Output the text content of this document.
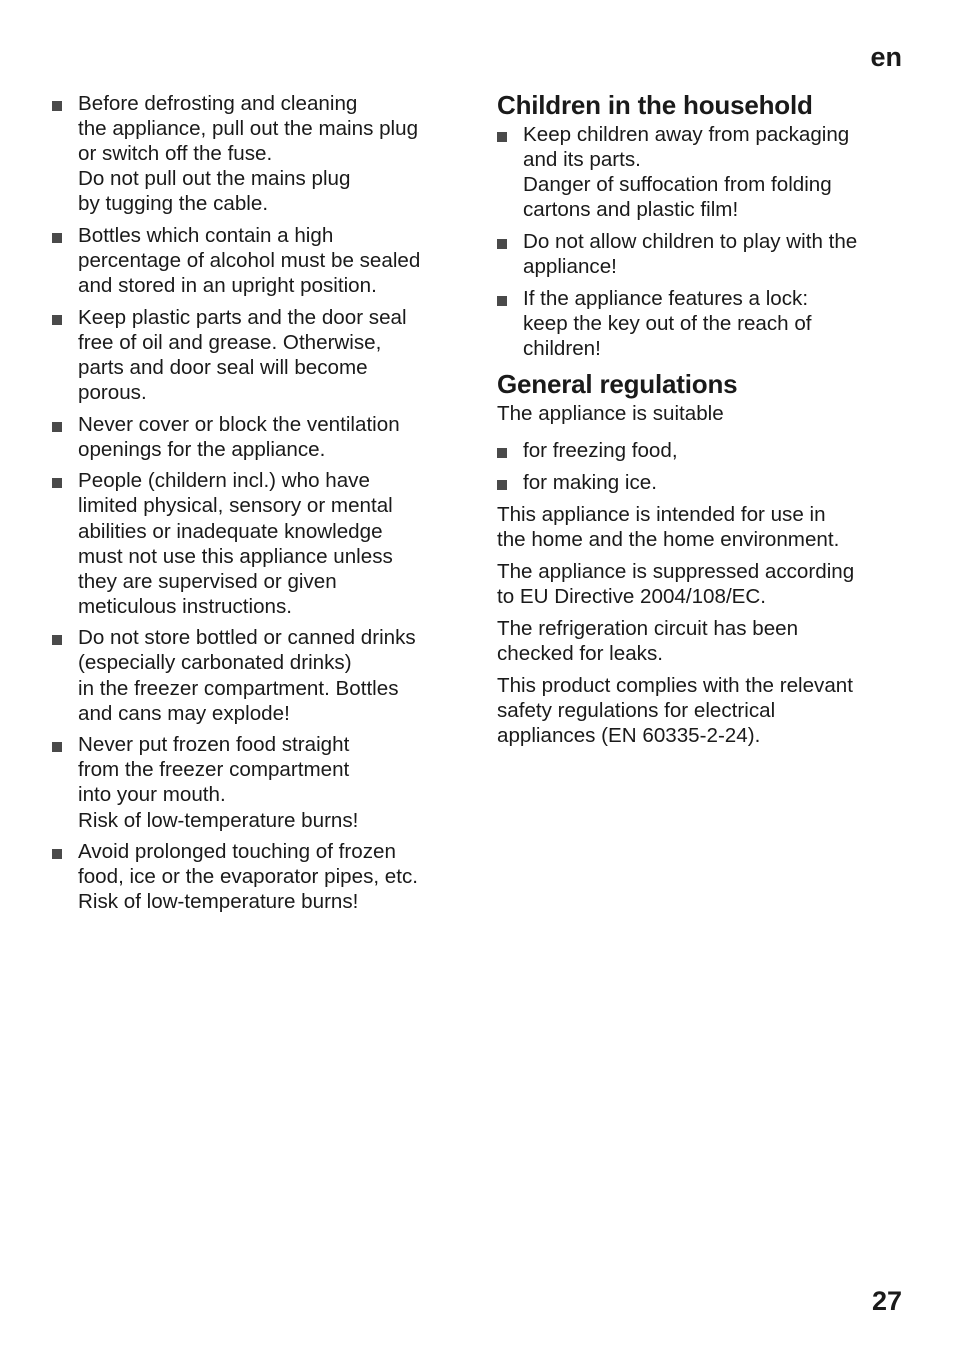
en
Before defrosting and cleaning
the appliance, pull out the mains plug
or switch off the fuse.
Do not pull out the mains plug
by tugging the cable.
Bottles which contain a high
percentage of alcohol must be sealed
and stored in an upright position.
Keep plastic parts and the door seal
free of oil and grease. Otherwise,
parts and door seal will become
porous.
Never cover or block the ventilation
openings for the appliance.
People (childern incl.) who have
limited physical, sensory or mental
abilities or inadequate knowledge
must not use this appliance unless
they are supervised or given
meticulous instructions.
Do not store bottled or canned drinks
(especially carbonated drinks)
in the freezer compartment. Bottles
and cans may explode!
Never put frozen food straight
from the freezer compartment
into your mouth.
Risk of low-temperature burns!
Avoid prolonged touching of frozen
food, ice or the evaporator pipes, etc.
Risk of low-temperature burns!
Children in the household
Keep children away from packaging
and its parts.
Danger of suffocation from folding
cartons and plastic film!
Do not allow children to play with the
appliance!
If the appliance features a lock:
keep the key out of the reach of
children!
General regulations

The appliance is suitable

for freezing food,
for making ice.

This appliance is intended for use in
the home and the home environment.

The appliance is suppressed according
to EU Directive 2004/108/EC.

The refrigeration circuit has been
checked for leaks.

This product complies with the relevant
safety regulations for electrical
appliances (EN 60335-2-24).

27
